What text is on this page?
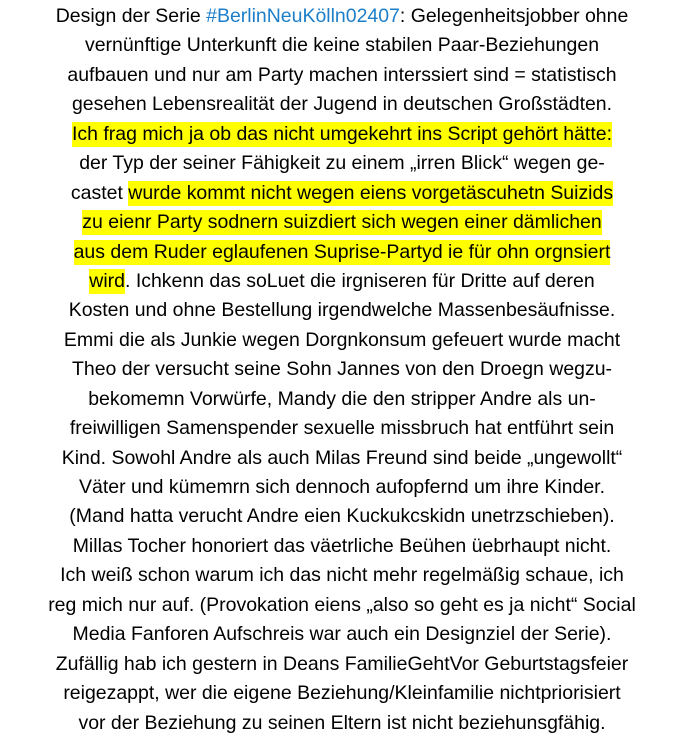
Design der Serie #BerlinNeuKölln02407: Gelegenheitsjobber ohne
vernünftige Unterkunft die keine stabilen Paar-Beziehungen
aufbauen und nur am Party machen interssiert sind = statistisch
gesehen Lebensrealität der Jugend in deutschen Großstädten.
Ich frag mich ja ob das nicht umgekehrt ins Script gehört hätte:
der Typ der seiner Fähigkeit zu einem „irren Blick“ wegen ge-
castet wurde kommt nicht wegen eiens vorgetäscuhetn Suizids
zu eienr Party sodnern suizdiert sich wegen einer dämlichen
aus dem Ruder eglaufenen Suprise-Partyd ie für ohn orgnsiert
wird. Ichkenn das soLuet die irgniseren für Dritte auf deren
Kosten und ohne Bestellung irgendwelche Massenbesäufnisse.
Emmi die als Junkie wegen Dorgnkonsum gefeuert wurde macht
Theo der versucht seine Sohn Jannes von den Droegn wegzu-
bekomemn Vorwürfe, Mandy die den stripper Andre als un-
freiwilligen Samenspender sexuelle missbruch hat entführt sein
Kind. Sowohl Andre als auch Milas Freund sind beide „ungewollt“
Väter und kümemrn sich dennoch aufopfernd um ihre Kinder.
(Mand hatta verucht Andre eien Kuckukcskidn unetrzschieben).
Millas Tocher honoriert das väetrliche Beühen üebrhaupt nicht.
Ich weiß schon warum ich das nicht mehr regelmäßig schaue, ich
reg mich nur auf. (Provokation eiens „also so geht es ja nicht“ Social
Media Fanforen Aufschreis war auch ein Designziel der Serie).
Zufällig hab ich gestern in Deans FamilieGehtVor Geburtstagsfeier
reigezappt, wer die eigene Beziehung/Kleinfamilie nichtpriorisiert
vor der Beziehung zu seinen Eltern ist nicht beziehunsgfähig.
